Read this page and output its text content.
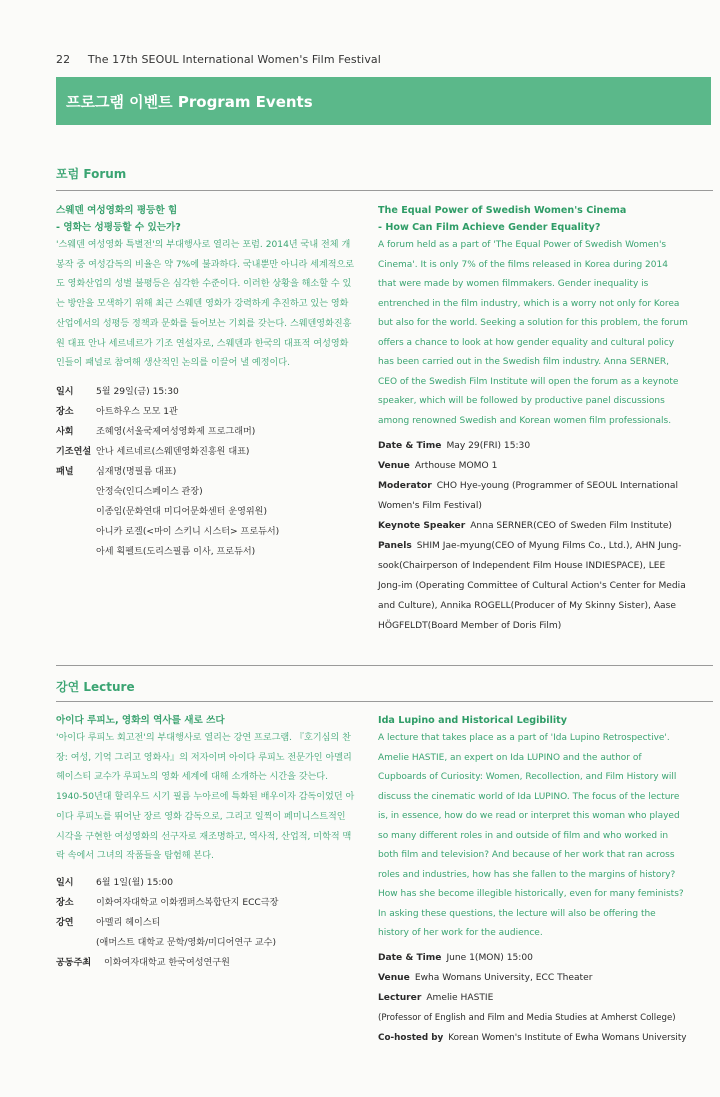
22 The 17th SEOUL International Women's Film Festival
프로그램 이벤트 Program Events
포럼 Forum
스웨덴 여성영화의 평등한 힘
- 영화는 성평등할 수 있는가?
'스웨덴 여성영화 특별전'의 부대행사로 열리는 포럼. 2014년 국내 전체 개봉작 중 여성감독의 비율은 약 7%에 불과하다. 국내뿐만 아니라 세계적으로도 영화산업의 성별 불평등은 심각한 수준이다. 이러한 상황을 해소할 수 있는 방안을 모색하기 위해 최근 스웨덴 영화가 강력하게 추진하고 있는 영화산업에서의 성평등 정책과 문화를 들어보는 기회를 갖는다. 스웨덴영화진흥원 대표 안나 세르네르가 기조 연설자로, 스웨덴과 한국의 대표적 여성영화인들이 패널로 참여해 생산적인 논의를 이끌어 낼 예정이다.
일시	5월 29일(금) 15:30
장소	아트하우스 모모 1관
사회	조혜영(서울국제여성영화제 프로그래머)
기조연설 안나 세르네르(스웨덴영화진흥원 대표)
패널	심재명(명필름 대표)
안정숙(인디스페이스 관장)
이종임(문화연대 미디어문화센터 운영위원)
아니카 로겔(<마이 스키니 시스터> 프로듀서)
아세 획펠트(도리스필름 이사, 프로듀서)
The Equal Power of Swedish Women's Cinema
- How Can Film Achieve Gender Equality?
A forum held as a part of 'The Equal Power of Swedish Women's Cinema'. It is only 7% of the films released in Korea during 2014 that were made by women filmmakers. Gender inequality is entrenched in the film industry, which is a worry not only for Korea but also for the world. Seeking a solution for this problem, the forum offers a chance to look at how gender equality and cultural policy has been carried out in the Swedish film industry. Anna SERNER, CEO of the Swedish Film Institute will open the forum as a keynote speaker, which will be followed by productive panel discussions among renowned Swedish and Korean women film professionals.
Date & Time May 29(FRI) 15:30
Venue Arthouse MOMO 1
Moderator CHO Hye-young (Programmer of SEOUL International Women's Film Festival)
Keynote Speaker Anna SERNER(CEO of Sweden Film Institute)
Panels SHIM Jae-myung(CEO of Myung Films Co., Ltd.), AHN Jung-sook(Chairperson of Independent Film House INDIESPACE), LEE Jong-im (Operating Committee of Cultural Action's Center for Media and Culture), Annika ROGELL(Producer of My Skinny Sister), Aase HÖGFELDT(Board Member of Doris Film)
강연 Lecture
아이다 루피노, 영화의 역사를 새로 쓰다
'아이다 루피노 회고전'의 부대행사로 열리는 강연 프로그램. 『호기심의 찬장: 여성, 기억 그리고 영화사』의 저자이며 아이다 루피노 전문가인 아멜리 헤이스티 교수가 루피노의 영화 세계에 대해 소개하는 시간을 갖는다. 1940-50년대 할리우드 시기 필름 누아르에 특화된 배우이자 감독이었던 아이다 루피노를 뛰어난 장르 영화 감독으로, 그리고 일찍이 페미니스트적인 시각을 구현한 여성영화의 선구자로 재조명하고, 역사적, 산업적, 미학적 맥락 속에서 그녀의 작품들을 탐험해 본다.
일시	6월 1일(월) 15:00
장소	이화여자대학교 이화캠퍼스복합단지 ECC극장
강연	아멜리 헤이스티
(애머스트 대학교 문학/영화/미디어연구 교수)
공동주최	이화여자대학교 한국여성연구원
Ida Lupino and Historical Legibility
A lecture that takes place as a part of 'Ida Lupino Retrospective'. Amelie HASTIE, an expert on Ida LUPINO and the author of Cupboards of Curiosity: Women, Recollection, and Film History will discuss the cinematic world of Ida LUPINO. The focus of the lecture is, in essence, how do we read or interpret this woman who played so many different roles in and outside of film and who worked in both film and television? And because of her work that ran across roles and industries, how has she fallen to the margins of history? How has she become illegible historically, even for many feminists? In asking these questions, the lecture will also be offering the history of her work for the audience.
Date & Time June 1(MON) 15:00
Venue Ewha Womans University, ECC Theater
Lecturer Amelie HASTIE
(Professor of English and Film and Media Studies at Amherst College)
Co-hosted by Korean Women's Institute of Ewha Womans University
